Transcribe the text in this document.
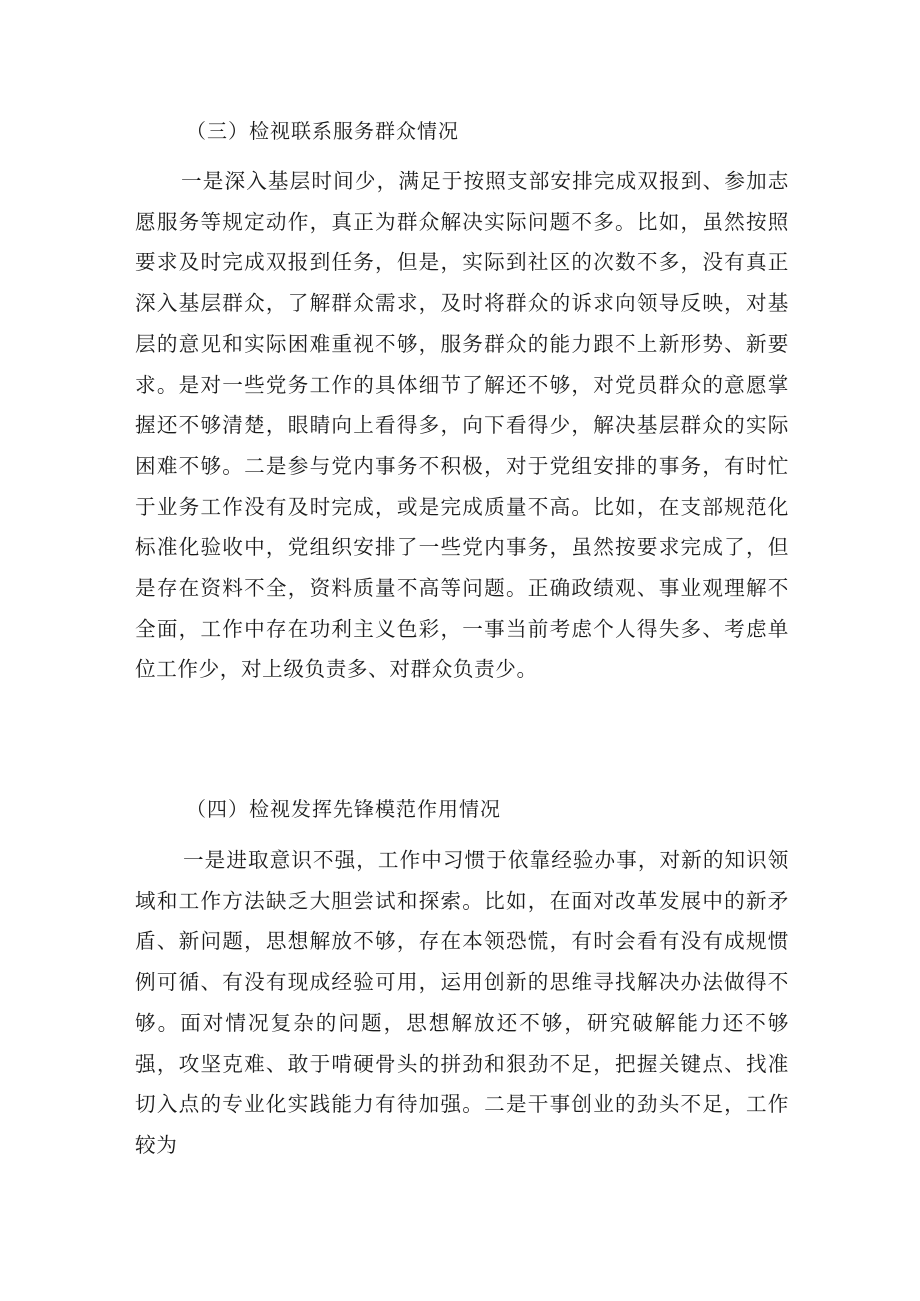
（三）检视联系服务群众情况

一是深入基层时间少，满足于按照支部安排完成双报到、参加志愿服务等规定动作，真正为群众解决实际问题不多。比如，虽然按照要求及时完成双报到任务，但是，实际到社区的次数不多，没有真正深入基层群众，了解群众需求，及时将群众的诉求向领导反映，对基层的意见和实际困难重视不够，服务群众的能力跟不上新形势、新要求。是对一些党务工作的具体细节了解还不够，对党员群众的意愿掌握还不够清楚，眼睛向上看得多，向下看得少，解决基层群众的实际困难不够。二是参与党内事务不积极，对于党组安排的事务，有时忙于业务工作没有及时完成，或是完成质量不高。比如，在支部规范化标准化验收中，党组织安排了一些党内事务，虽然按要求完成了，但是存在资料不全，资料质量不高等问题。正确政绩观、事业观理解不全面，工作中存在功利主义色彩，一事当前考虑个人得失多、考虑单位工作少，对上级负责多、对群众负责少。

（四）检视发挥先锋模范作用情况

一是进取意识不强，工作中习惯于依靠经验办事，对新的知识领域和工作方法缺乏大胆尝试和探索。比如，在面对改革发展中的新矛盾、新问题，思想解放不够，存在本领恐慌，有时会看有没有成规惯例可循、有没有现成经验可用，运用创新的思维寻找解决办法做得不够。面对情况复杂的问题，思想解放还不够，研究破解能力还不够强，攻坚克难、敢于啃硬骨头的拼劲和狠劲不足，把握关键点、找准切入点的专业化实践能力有待加强。二是干事创业的劲头不足，工作较为
